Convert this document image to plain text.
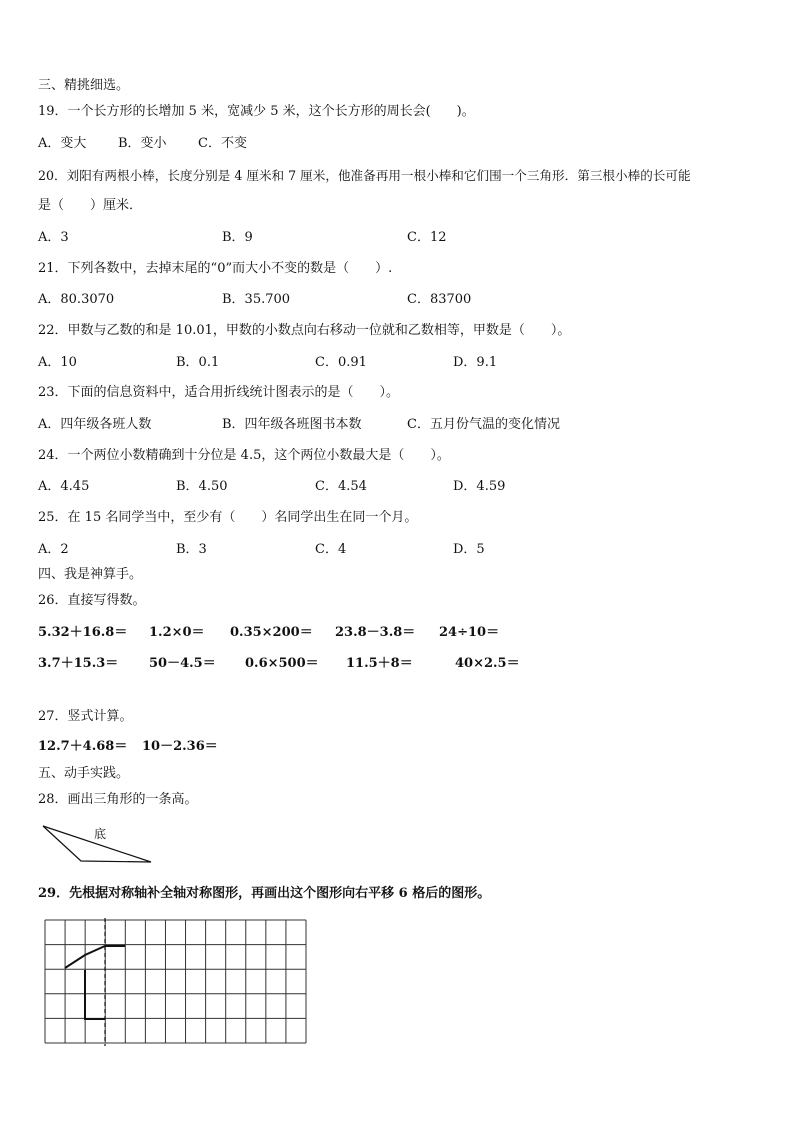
三、精挑细选。
19．一个长方形的长增加 5 米，宽减少 5 米，这个长方形的周长会(　　)。
A．变大 B．变小 C．不变
20．刘阳有两根小棒，长度分别是 4 厘米和 7 厘米，他准备再用一根小棒和它们围一个三角形．第三根小棒的长可能
是（　　）厘米．
A．3	B．9	C．12
21．下列各数中，去掉末尾的“0”而大小不变的数是（　　）.
A．80.3070	B．35.700	C．83700
22．甲数与乙数的和是 10.01，甲数的小数点向右移动一位就和乙数相等，甲数是（　　）。
A．10	B．0.1	C．0.91	D．9.1
23．下面的信息资料中，适合用折线统计图表示的是（　　）。
A．四年级各班人数	B．四年级各班图书本数	C．五月份气温的变化情况
24．一个两位小数精确到十分位是 4.5，这个两位小数最大是（　　）。
A．4.45	B．4.50	C．4.54	D．4.59
25．在 15 名同学当中，至少有（　　）名同学出生在同一个月。
A．2	B．3	C．4	D．5
四、我是神算手。
26．直接写得数。
5.32＋16.8＝ 1.2×0＝ 0.35×200＝ 23.8－3.8＝ 24÷10＝
3.7＋15.3＝ 50－4.5＝ 0.6×500＝ 11.5＋8＝	40×2.5＝
27．竖式计算。
12.7＋4.68＝ 10－2.36＝
五、动手实践。
28．画出三角形的一条高。
底
29．先根据对称轴补全轴对称图形，再画出这个图形向右平移 6 格后的图形。
